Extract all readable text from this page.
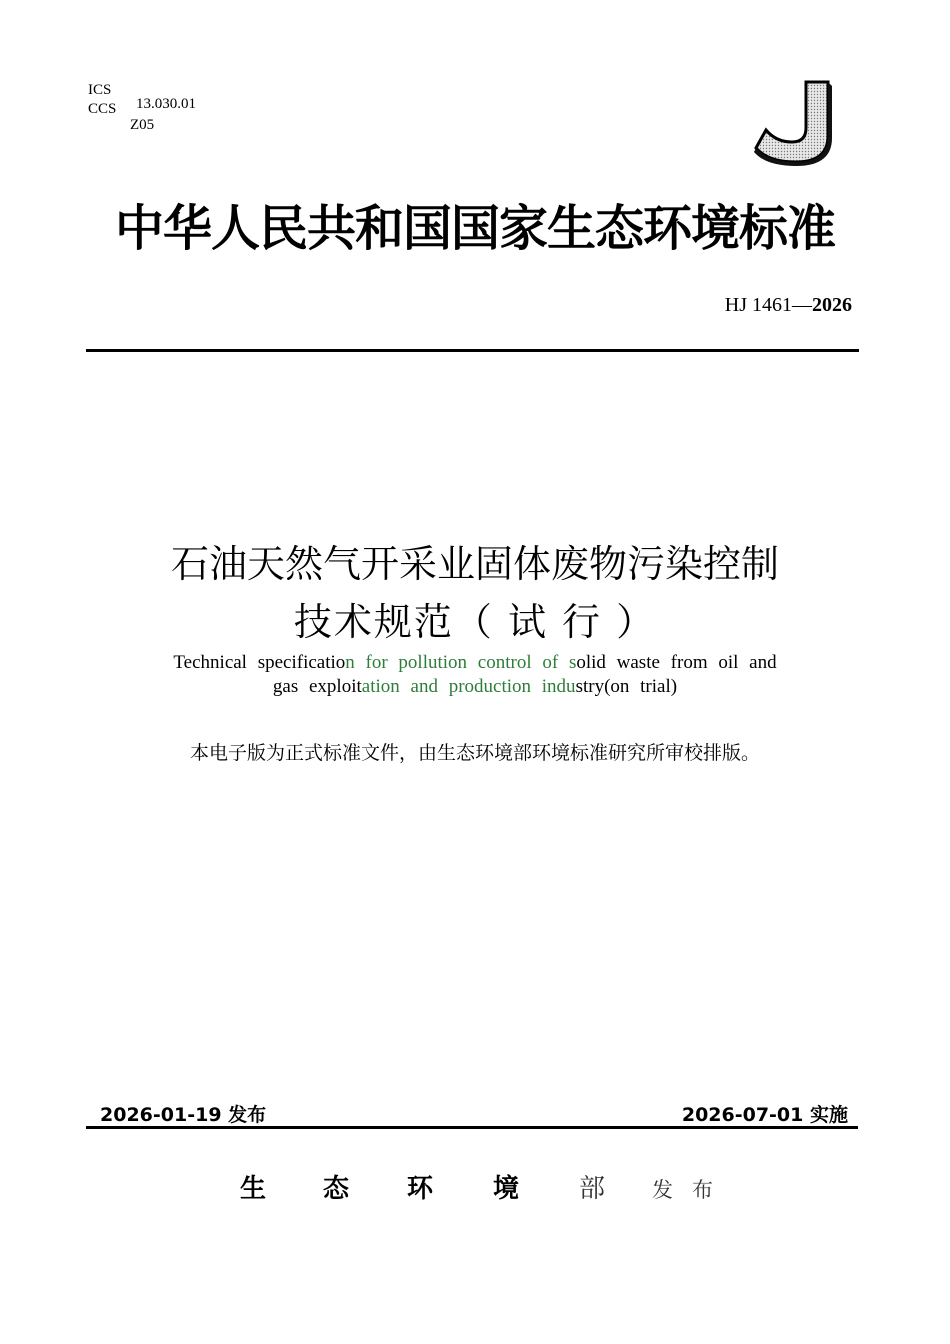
ICS
CCS 13.030.01
Z05
中华人民共和国国家生态环境标准
HJ 1461—2026
石油天然气开采业固体废物污染控制
技术规范（ 试 行 ）
Technical specification for pollution control of solid waste from oil and
gas exploitation and production industry(on trial)
本电子版为正式标准文件，由生态环境部环境标准研究所审校排版。
2026-01-19 发布	2026-07-01 实施
生 态 环 境 部 发 布
